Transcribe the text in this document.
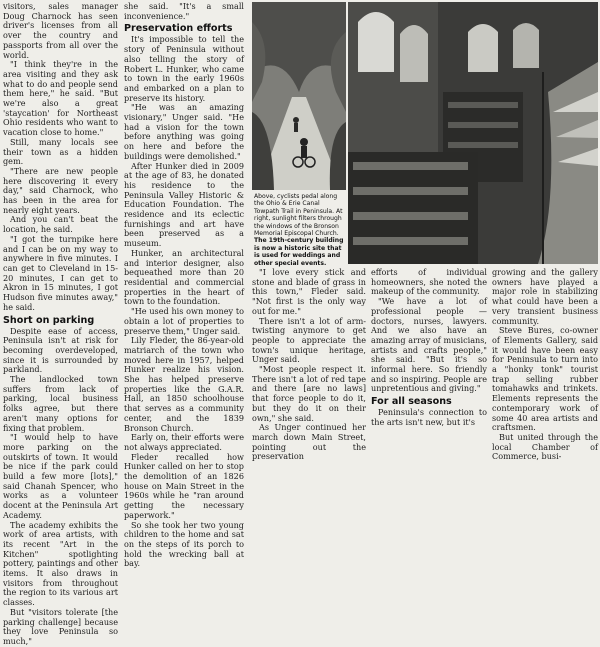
visitors, sales manager Doug Charnock has seen driver's licenses from all over the country and passports from all over the world.

"I think they're in the area visiting and they ask what to do and people send them here," he said. "But we're also a great 'staycation' for Northeast Ohio residents who want to vacation close to home."

Still, many locals see their town as a hidden gem.

"There are new people here discovering it every day," said Charnock, who has been in the area for nearly eight years.

And you can't beat the location, he said.

"I got the turnpike here and I can be on my way to anywhere in five minutes. I can get to Cleveland in 15-20 minutes, I can get to Akron in 15 minutes, I got Hudson five minutes away," he said.

Short on parking

Despite ease of access, Peninsula isn't at risk for becoming overdeveloped, since it is surrounded by parkland.

The landlocked town suffers from lack of parking, local business folks agree, but there aren't many options for fixing that problem.

"I would help to have more parking on the outskirts of town. It would be nice if the park could build a few more [lots]," said Chanah Spencer, who works as a volunteer docent at the Peninsula Art Academy.

The academy exhibits the work of area artists, with its recent "Art in the Kitchen" spotlighting pottery, paintings and other items. It also draws in visitors from throughout the region to its various art classes.

But "visitors tolerate [the parking challenge] because they love Peninsula so much,"

she said. "It's a small inconvenience."

Preservation efforts

It's impossible to tell the story of Peninsula without also telling the story of Robert L. Hunker, who came to town in the early 1960s and embarked on a plan to preserve its history.

"He was an amazing visionary," Unger said. "He had a vision for the town before anything was going on here and before the buildings were demolished."

After Hunker died in 2009 at the age of 83, he donated his residence to the Peninsula Valley Historic & Education Foundation. The residence and its eclectic furnishings and art have been preserved as a museum.

Hunker, an architectural and interior designer, also bequeathed more than 20 residential and commercial properties in the heart of town to the foundation.

"He used his own money to obtain a lot of properties to preserve them," Unger said.

Lily Fleder, the 86-year-old matriarch of the town who moved here in 1957, helped Hunker realize his vision. She has helped preserve properties like the G.A.R. Hall, an 1850 schoolhouse that serves as a community center, and the 1839 Bronson Church.

Early on, their efforts were not always appreciated.

Fleder recalled how Hunker called on her to stop the demolition of an 1826 house on Main Street in the 1960s while he "ran around getting the necessary paperwork."

So she took her two young children to the home and sat on the steps of its porch to hold the wrecking ball at bay.

Above, cyclists pedal along the Ohio & Erie Canal Towpath Trail in Peninsula. At right, sunlight filters through the windows of the Bronson Memorial Episcopal Church. The 19th-century building is now a historic site that is used for weddings and other special events.

"I love every stick and stone and blade of grass in this town," Fleder said. "Not first is the only way out for me."

There isn't a lot of arm-twisting anymore to get people to appreciate the town's unique heritage, Unger said.

"Most people respect it. There isn't a lot of red tape and there [are no laws] that force people to do it, but they do it on their own," she said.

As Unger continued her march down Main Street, pointing out the preservation

efforts of individual homeowners, she noted the makeup of the community.

"We have a lot of professional people — doctors, nurses, lawyers. And we also have an amazing array of musicians, artists and crafts people," she said. "But it's so informal here. So friendly and so inspiring. People are unpretentious and giving."

For all seasons

Peninsula's connection to the arts isn't new, but it's

growing and the gallery owners have played a major role in stabilizing what could have been a very transient business community.

Steve Bures, co-owner of Elements Gallery, said it would have been easy for Peninsula to turn into a "honky tonk" tourist trap selling rubber tomahawks and trinkets. Elements represents the contemporary work of some 40 area artists and craftsmen.

But united through the local Chamber of Commerce, busi-
